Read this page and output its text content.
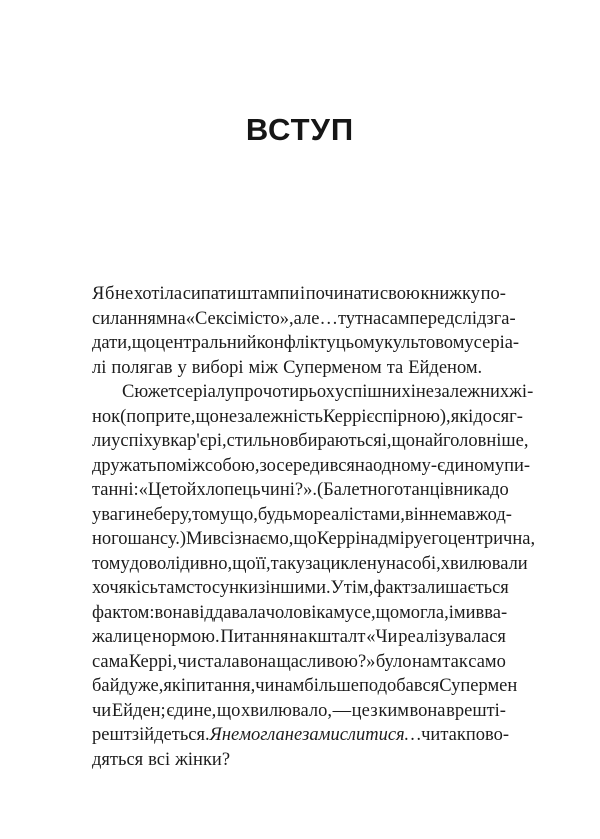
ВСТУП
Я б не хотіла сипати штампи і починати свою книжку по-
силанням на «Секс і місто», але… тут насамперед слід зга-
дати, що центральний конфлікт у цьому культовому серіа-
лі полягав у виборі між Суперменом та Ейденом.
Сюжет серіалу про чотирьох успішних і незалежних жі-
нок (попри те, що незалежність Керрі є спірною), які досяг-
ли успіху в кар'єрі, стильно вбираються і, що найголовніше,
дружать поміж собою, зосередився на одному-єдиному пи-
танні: «Це той хлопець чи ні?». (Балетного танцівника до
уваги не беру, тому що, будьмо реалістами, він не мав жод-
ного шансу.) Ми всі знаємо, що Керрі надміру егоцентрична,
тому доволі дивно, що її, таку зациклену на собі, хвилювали
хоч якісь там стосунки з іншими. Утім, факт залишається
фактом: вона віддавала чоловікам усе, що могла, і ми вва-
жали це нормою. Питання на кшталт «Чи реалізувалася
сама Керрі, чи стала вона щасливою?» було нам так само
байдуже, як і питання, чи нам більше подобався Супермен
чи Ейден; єдине, що хвилювало, — це з ким вона врешті-
решт зійдеться. Я не могла не замислитися… чи так пово-
дяться всі жінки?
